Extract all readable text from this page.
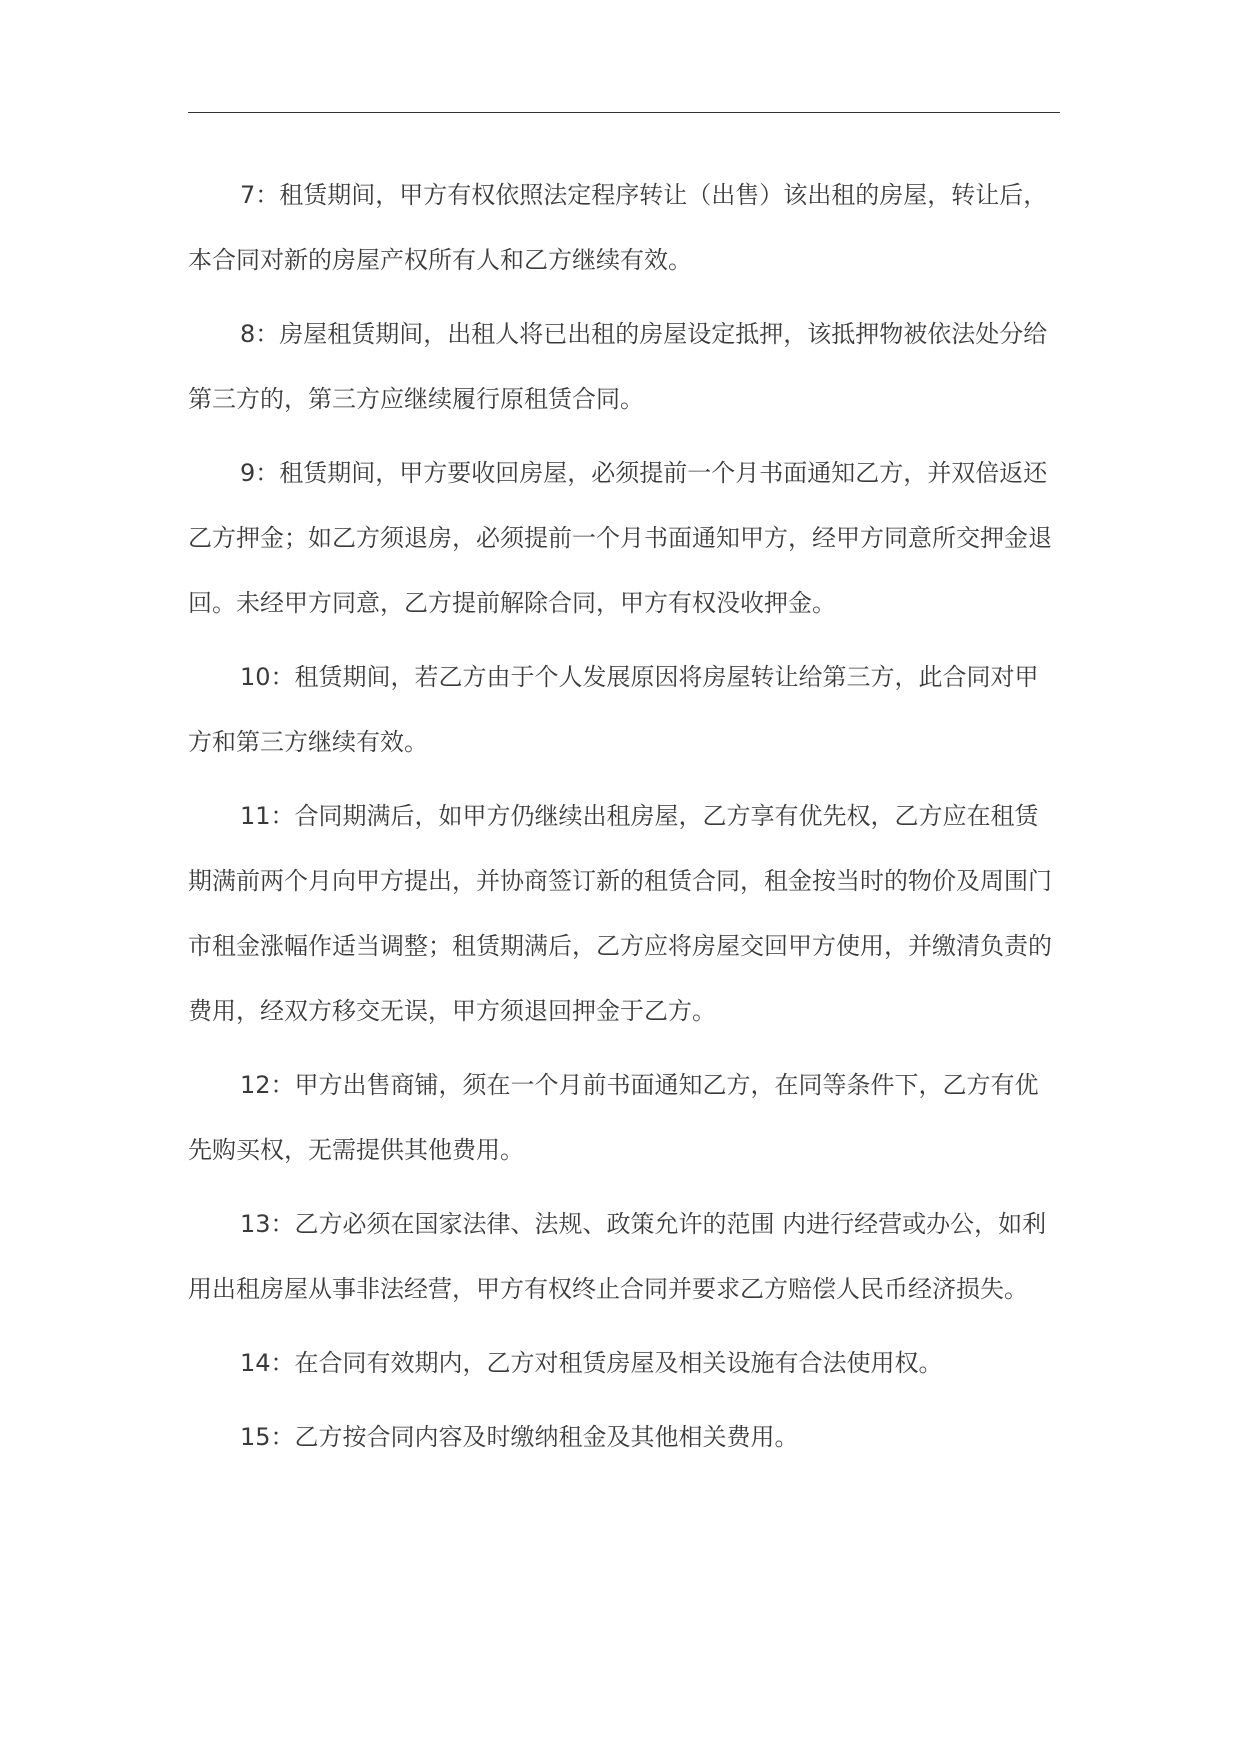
7：租赁期间，甲方有权依照法定程序转让（出售）该出租的房屋，转让后，本合同对新的房屋产权所有人和乙方继续有效。

8：房屋租赁期间，出租人将已出租的房屋设定抵押，该抵押物被依法处分给第三方的，第三方应继续履行原租赁合同。

9：租赁期间，甲方要收回房屋，必须提前一个月书面通知乙方，并双倍返还乙方押金；如乙方须退房，必须提前一个月书面通知甲方，经甲方同意所交押金退回。未经甲方同意，乙方提前解除合同，甲方有权没收押金。

10：租赁期间，若乙方由于个人发展原因将房屋转让给第三方，此合同对甲方和第三方继续有效。

11：合同期满后，如甲方仍继续出租房屋，乙方享有优先权，乙方应在租赁期满前两个月向甲方提出，并协商签订新的租赁合同，租金按当时的物价及周围门市租金涨幅作适当调整；租赁期满后，乙方应将房屋交回甲方使用，并缴清负责的费用，经双方移交无误，甲方须退回押金于乙方。

12：甲方出售商铺，须在一个月前书面通知乙方，在同等条件下，乙方有优先购买权，无需提供其他费用。

13：乙方必须在国家法律、法规、政策允许的范围 内进行经营或办公，如利用出租房屋从事非法经营，甲方有权终止合同并要求乙方赔偿人民币经济损失。

14：在合同有效期内，乙方对租赁房屋及相关设施有合法使用权。

15：乙方按合同内容及时缴纳租金及其他相关费用。
